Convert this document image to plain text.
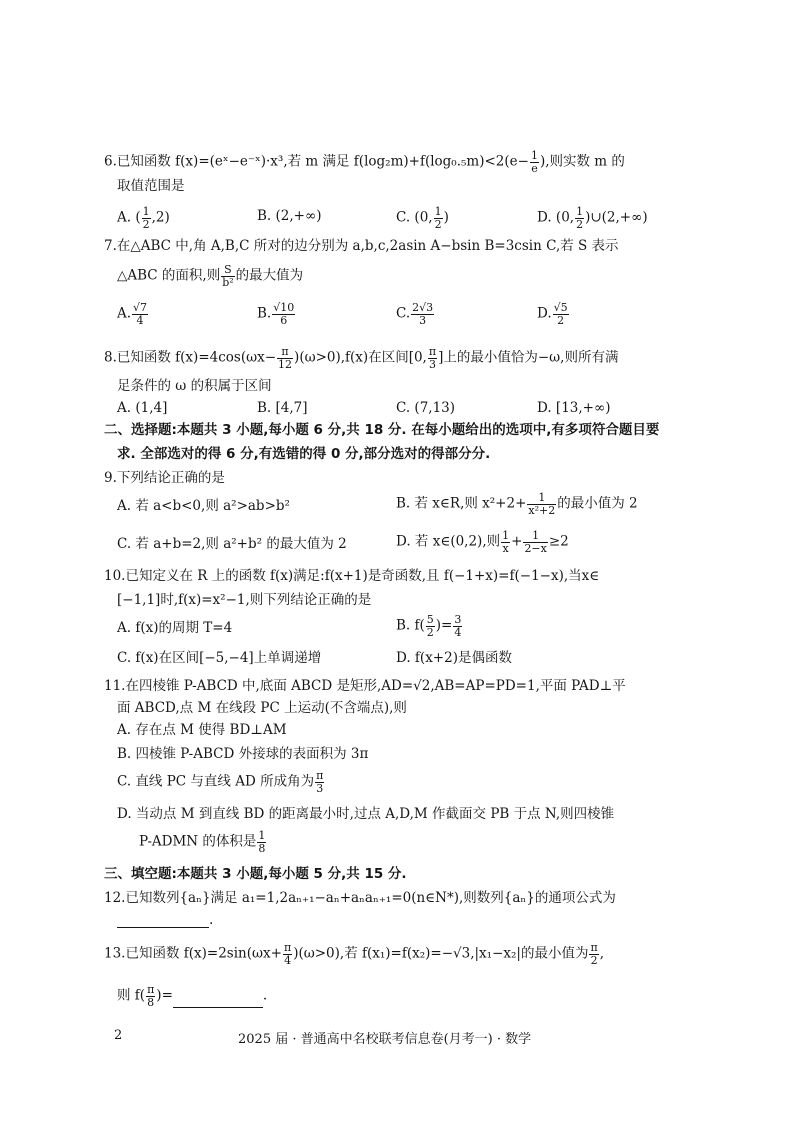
6.已知函数 f(x)=(eˣ−e⁻ˣ)·x³,若 m 满足 $f(\log_2m)+f(\log_0._5m)<2(e- \frac{1}{e}$ ),则实数 m 的
取值范围是
A. ( $\frac{1}{2} ,2$)	B. (2,+∞)	C. (0, $\frac{1}{2}$ )	D. (0, $\frac{1}{2}$ )∪(2,+∞)
7.在△ABC 中,角 A,B,C 所对的边分别为 a,b,c,2asin A−bsin B=3csin C,若 S 表示
△ABC 的面积,则 $\frac{S}{\text{b²}}$ 的最大值为
A. $\frac{√7}{4}$	B. $\frac{√10}{6}$	C. $\frac{2√3}{3}$	D. $\frac{√5}{2}$
8.已知函数 $f(x)=4\cos(\omega x- \frac{\pi}{12} )(\omega>0),f(x)$在区间[0, $\frac{\pi}{3}$ ]上的最小值恰为−ω,则所有满
足条件的 ω 的积属于区间
A. (1,4]	B. [4,7]	C. (7,13)	D. [13,+∞)
二、选择题:本题共 3 小题,每小题 6 分,共 18 分. 在每小题给出的选项中,有多项符合题目要
求. 全部选对的得 6 分,有选错的得 0 分,部分选对的得部分分.
9.下列结论正确的是
A. 若 a<b<0,则 a²>ab>b²	B. 若 x∈R,则 $x^2+2+ \frac{1}{\text{x²+2}}$ 的最小值为 2
C. 若 a+b=2,则 a²+b² 的最大值为 2	D. 若 x∈(0,2),则 $\frac{1}{x} + \frac{1}{2-x} \ge 2$
10.已知定义在 R 上的函数 f(x)满足:f(x+1)是奇函数,且 f(−1+x)=f(−1−x),当x∈
[−1,1]时,f(x)=x²−1,则下列结论正确的是
A. f(x)的周期 T=4	B. $f( \frac{5}{2}$ )= $\frac{3}{4}$
C. f(x)在区间[−5,−4]上单调递增	D. f(x+2)是偶函数
11.在四棱锥 P-ABCD 中,底面 ABCD 是矩形,AD=√2,AB=AP=PD=1,平面 PAD⊥平
面 ABCD,点 M 在线段 PC 上运动(不含端点),则
A. 存在点 M 使得 BD⊥AM
B. 四棱锥 P-ABCD 外接球的表面积为 3π
C. 直线 PC 与直线 AD 所成角为 $\frac{\pi}{3}$
D. 当动点 M 到直线 BD 的距离最小时,过点 A,D,M 作截面交 PB 于点 N,则四棱锥
P-ADMN 的体积是 $\frac{1}{8}$
三、填空题:本题共 3 小题,每小题 5 分,共 15 分.
12.已知数列{aₙ}满足 a₁=1,2aₙ₊₁−aₙ+aₙaₙ₊₁=0(n∈N*),则数列{aₙ}的通项公式为
.
13.已知函数 $f(x)=2\sin(\omega x+ \frac{\pi}{4} )(\omega>0)$,若 f(x₁)=f(x₂)=−√3,|x₁−x₂|的最小值为 $\frac{\pi}{2}$ ,
则 $f( \frac{\pi}{8}$ )=	.
2	2025 届 · 普通高中名校联考信息卷(月考一) · 数学
